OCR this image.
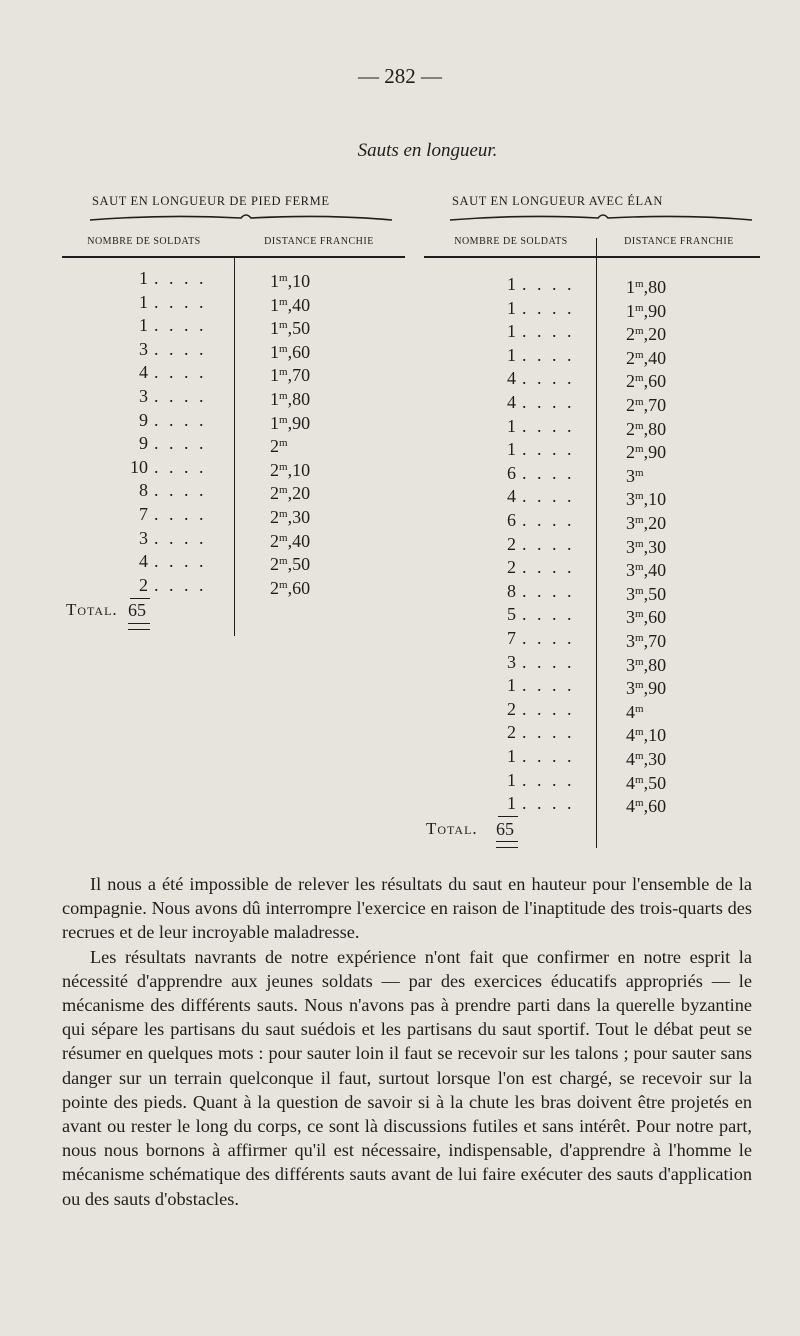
— 282 —
Sauts en longueur.
SAUT EN LONGUEUR DE PIED FERME
NOMBRE DE SOLDATS	DISTANCE FRANCHIE
1 . . . .	1$^m$,10
1 . . . .	1$^m$,40
1 . . . .	1$^m$,50
3 . . . .	1$^m$,60
4 . . . .	1$^m$,70
3 . . . .	1$^m$,80
9 . . . .	1$^m$,90
9 . . . .	2$^m$
10 . . . .	2$^m$,10
8 . . . .	2$^m$,20
7 . . . .	2$^m$,30
3 . . . .	2$^m$,40
4 . . . .	2$^m$,50
2 . . . .	2$^m$,60
Total. 65
SAUT EN LONGUEUR AVEC ÉLAN
NOMBRE DE SOLDATS	DISTANCE FRANCHIE
1 . . . .	1$^m$,80
1 . . . .	1$^m$,90
1 . . . .	2$^m$,20
1 . . . .	2$^m$,40
4 . . . .	2$^m$,60
4 . . . .	2$^m$,70
1 . . . .	2$^m$,80
1 . . . .	2$^m$,90
6 . . . .	3$^m$
4 . . . .	3$^m$,10
6 . . . .	3$^m$,20
2 . . . .	3$^m$,30
2 . . . .	3$^m$,40
8 . . . .	3$^m$,50
5 . . . .	3$^m$,60
7 . . . .	3$^m$,70
3 . . . .	3$^m$,80
1 . . . .	3$^m$,90
2 . . . .	4$^m$
2 . . . .	4$^m$,10
1 . . . .	4$^m$,30
1 . . . .	4$^m$,50
1 . . . .	4$^m$,60
Total. 65

Il nous a été impossible de relever les résultats du saut en hauteur pour l'ensemble de la compagnie. Nous avons dû interrompre l'exercice en raison de l'inaptitude des trois-quarts des recrues et de leur incroyable maladresse.

Les résultats navrants de notre expérience n'ont fait que confirmer en notre esprit la nécessité d'apprendre aux jeunes soldats — par des exercices éducatifs appropriés — le mécanisme des différents sauts. Nous n'avons pas à prendre parti dans la querelle byzantine qui sépare les partisans du saut suédois et les partisans du saut sportif. Tout le débat peut se résumer en quelques mots : pour sauter loin il faut se recevoir sur les talons ; pour sauter sans danger sur un terrain quelconque il faut, surtout lorsque l'on est chargé, se recevoir sur la pointe des pieds. Quant à la question de savoir si à la chute les bras doivent être projetés en avant ou rester le long du corps, ce sont là discussions futiles et sans intérêt. Pour notre part, nous nous bornons à affirmer qu'il est nécessaire, indispensable, d'apprendre à l'homme le mécanisme schématique des différents sauts avant de lui faire exécuter des sauts d'application ou des sauts d'obstacles.
